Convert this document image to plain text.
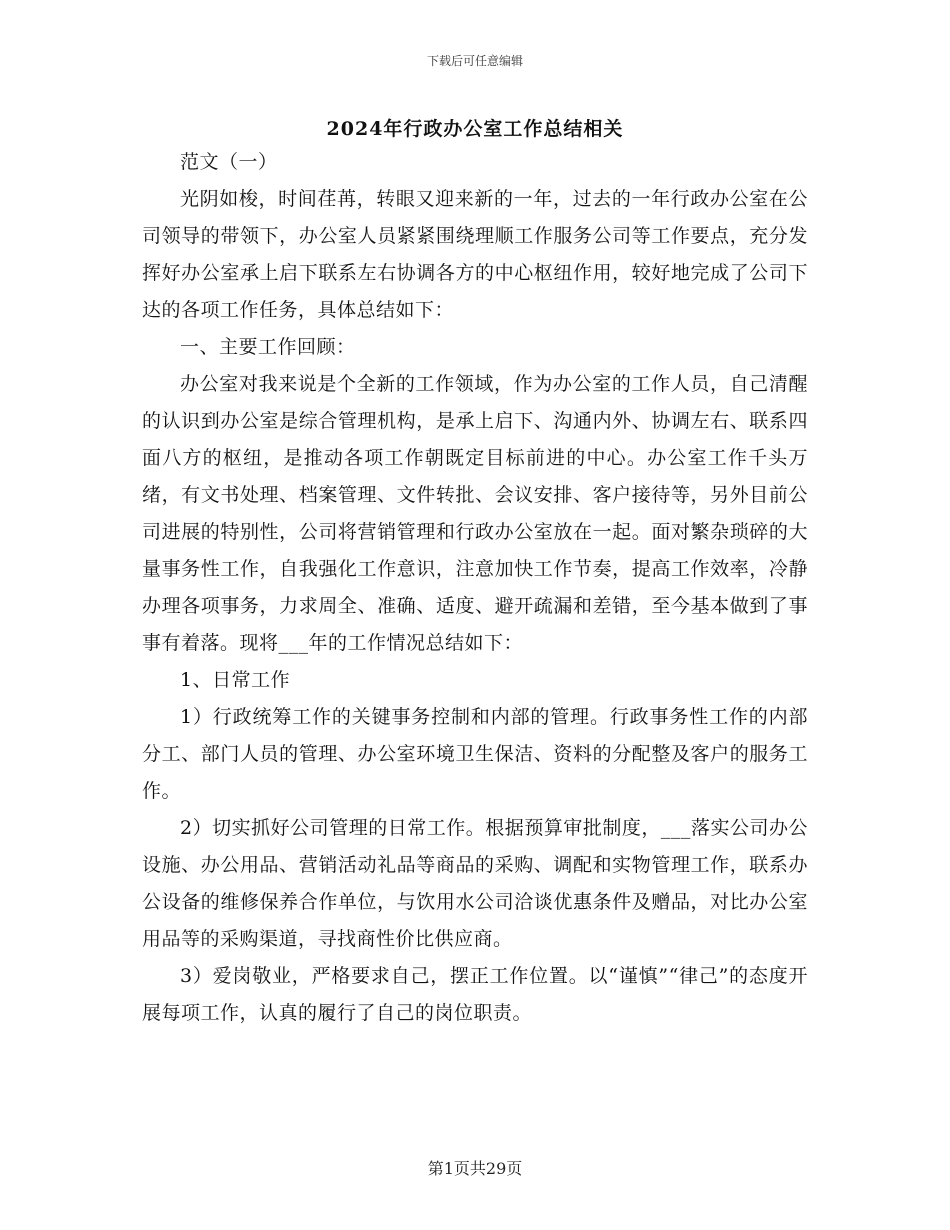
下载后可任意编辑
2024年行政办公室工作总结相关

范文（一）

光阴如梭，时间荏苒，转眼又迎来新的一年，过去的一年行政办公室在公司领导的带领下，办公室人员紧紧围绕理顺工作服务公司等工作要点，充分发挥好办公室承上启下联系左右协调各方的中心枢纽作用，较好地完成了公司下达的各项工作任务，具体总结如下：

一、主要工作回顾：

办公室对我来说是个全新的工作领域，作为办公室的工作人员，自己清醒的认识到办公室是综合管理机构，是承上启下、沟通内外、协调左右、联系四面八方的枢纽，是推动各项工作朝既定目标前进的中心。办公室工作千头万绪，有文书处理、档案管理、文件转批、会议安排、客户接待等，另外目前公司进展的特别性，公司将营销管理和行政办公室放在一起。面对繁杂琐碎的大量事务性工作，自我强化工作意识，注意加快工作节奏，提高工作效率，冷静办理各项事务，力求周全、准确、适度、避开疏漏和差错，至今基本做到了事事有着落。现将___年的工作情况总结如下：

1、日常工作

1）行政统筹工作的关键事务控制和内部的管理。行政事务性工作的内部分工、部门人员的管理、办公室环境卫生保洁、资料的分配整及客户的服务工作。

2）切实抓好公司管理的日常工作。根据预算审批制度，___落实公司办公设施、办公用品、营销活动礼品等商品的采购、调配和实物管理工作，联系办公设备的维修保养合作单位，与饮用水公司洽谈优惠条件及赠品，对比办公室用品等的采购渠道，寻找商性价比供应商。

3）爱岗敬业，严格要求自己，摆正工作位置。以“谨慎”“律己”的态度开展每项工作，认真的履行了自己的岗位职责。

第1页共29页
